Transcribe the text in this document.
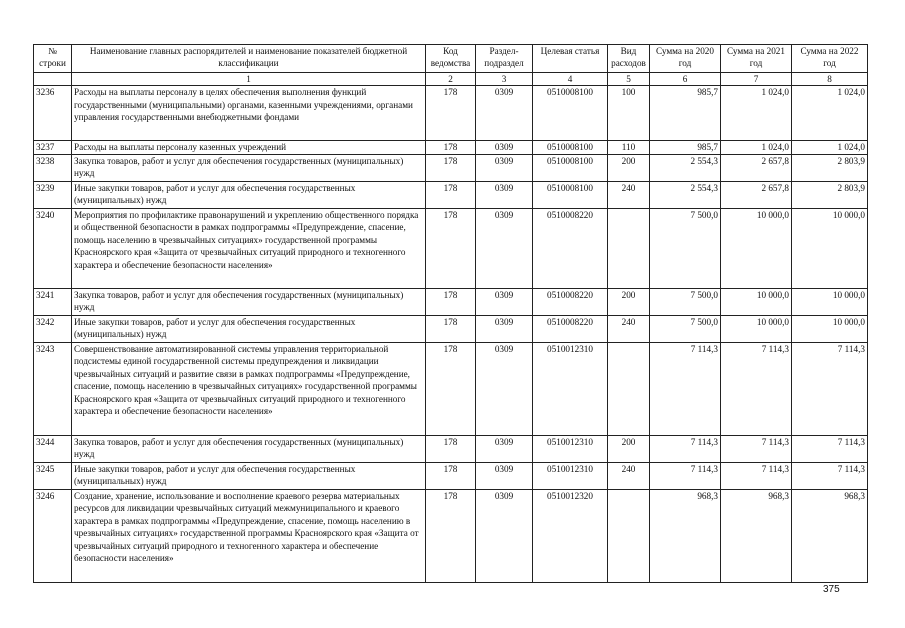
№ строки	Наименование главных распорядителей и наименование показателей бюджетной классификации	Код ведомства	Раздел-подраздел	Целевая статья	Вид расходов	Сумма на 2020 год	Сумма на 2021 год	Сумма на 2022 год
	1	2	3	4	5	6	7	8
3236	Расходы на выплаты персоналу в целях обеспечения выполнения функций государственными (муниципальными) органами, казенными учреждениями, органами управления государственными внебюджетными фондами	178	0309	0510008100	100	985,7	1 024,0	1 024,0
3237	Расходы на выплаты персоналу казенных учреждений	178	0309	0510008100	110	985,7	1 024,0	1 024,0
3238	Закупка товаров, работ и услуг для обеспечения государственных (муниципальных) нужд	178	0309	0510008100	200	2 554,3	2 657,8	2 803,9
3239	Иные закупки товаров, работ и услуг для обеспечения государственных (муниципальных) нужд	178	0309	0510008100	240	2 554,3	2 657,8	2 803,9
3240	Мероприятия по профилактике правонарушений и укреплению общественного порядка и общественной безопасности в рамках подпрограммы «Предупреждение, спасение, помощь населению в чрезвычайных ситуациях» государственной программы Красноярского края «Защита от чрезвычайных ситуаций природного и техногенного характера и обеспечение безопасности населения»	178	0309	0510008220		7 500,0	10 000,0	10 000,0
3241	Закупка товаров, работ и услуг для обеспечения государственных (муниципальных) нужд	178	0309	0510008220	200	7 500,0	10 000,0	10 000,0
3242	Иные закупки товаров, работ и услуг для обеспечения государственных (муниципальных) нужд	178	0309	0510008220	240	7 500,0	10 000,0	10 000,0
3243	Совершенствование автоматизированной системы управления территориальной подсистемы единой государственной системы предупреждения и ликвидации чрезвычайных ситуаций и развитие связи в рамках подпрограммы «Предупреждение, спасение, помощь населению в чрезвычайных ситуациях» государственной программы Красноярского края «Защита от чрезвычайных ситуаций природного и техногенного характера и обеспечение безопасности населения»	178	0309	0510012310		7 114,3	7 114,3	7 114,3
3244	Закупка товаров, работ и услуг для обеспечения государственных (муниципальных) нужд	178	0309	0510012310	200	7 114,3	7 114,3	7 114,3
3245	Иные закупки товаров, работ и услуг для обеспечения государственных (муниципальных) нужд	178	0309	0510012310	240	7 114,3	7 114,3	7 114,3
3246	Создание, хранение, использование и восполнение краевого резерва материальных ресурсов для ликвидации чрезвычайных ситуаций межмуниципального и краевого характера в рамках подпрограммы «Предупреждение, спасение, помощь населению в чрезвычайных ситуациях» государственной программы Красноярского края «Защита от чрезвычайных ситуаций природного и техногенного характера и обеспечение безопасности населения»	178	0309	0510012320		968,3	968,3	968,3
375
